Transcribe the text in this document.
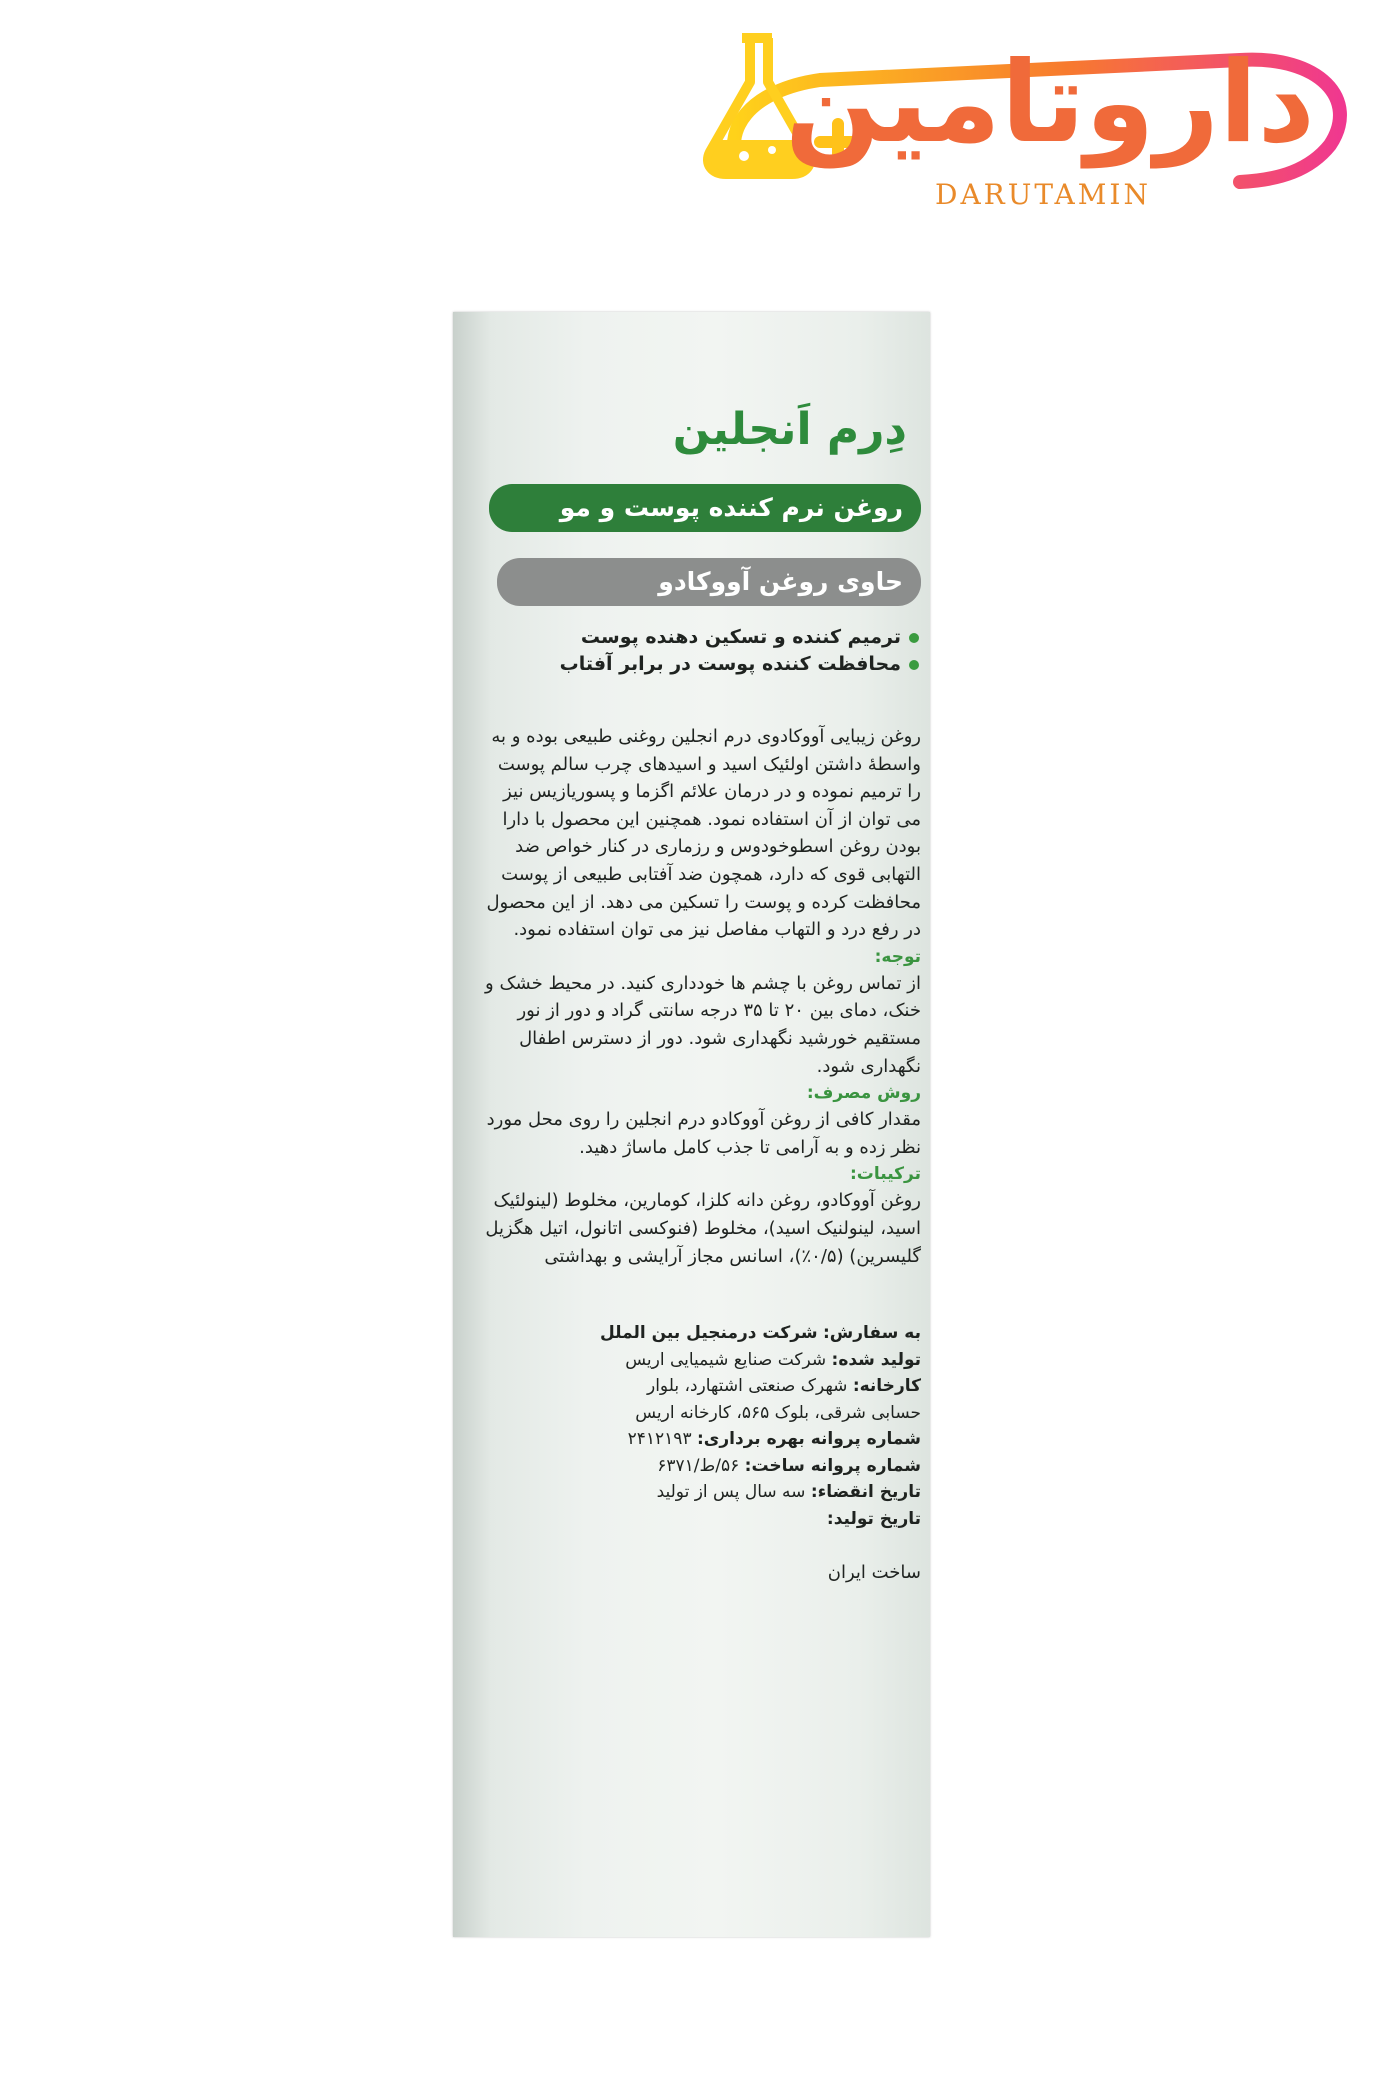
داروتامین
DARUTAMIN
دِرم اَنجلین
روغن نرم کننده پوست و مو
حاوی روغن آووکادو
ترمیم کننده و تسکین دهنده پوست
محافظت کننده پوست در برابر آفتاب

روغن زیبایی آووکادوی درم انجلین روغنی طبیعی بوده و به واسطهٔ داشتن اولئیک اسید و اسیدهای چرب سالم پوست را ترمیم نموده و در درمان علائم اگزما و پسوریازیس نیز می توان از آن استفاده نمود. همچنین این محصول با دارا بودن روغن اسطوخودوس و رزماری در کنار خواص ضد التهابی قوی که دارد، همچون ضد آفتابی طبیعی از پوست محافظت کرده و پوست را تسکین می دهد. از این محصول در رفع درد و التهاب مفاصل نیز می توان استفاده نمود.

توجه:

از تماس روغن با چشم ها خودداری کنید. در محیط خشک و خنک، دمای بین ۲۰ تا ۳۵ درجه سانتی گراد و دور از نور مستقیم خورشید نگهداری شود. دور از دسترس اطفال نگهداری شود.

روش مصرف:

مقدار کافی از روغن آووکادو درم انجلین را روی محل مورد نظر زده و به آرامی تا جذب کامل ماساژ دهید.

ترکیبات:

روغن آووکادو، روغن دانه کلزا، کومارین، مخلوط (لینولئیک اسید، لینولنیک اسید)، مخلوط (فنوکسی اتانول، اتیل هگزیل گلیسرین) (۰/۵٪)، اسانس مجاز آرایشی و بهداشتی

به سفارش: شرکت درمنجیل بین الملل
تولید شده: شرکت صنایع شیمیایی اریس
کارخانه: شهرک صنعتی اشتهارد، بلوار
حسابی شرقی، بلوک ۵۶۵، کارخانه اریس
شماره پروانه بهره برداری: ۲۴۱۲۱۹۳
شماره پروانه ساخت: ۵۶/ط/۶۳۷۱
تاریخ انقضاء: سه سال پس از تولید
تاریخ تولید:
ساخت ایران
